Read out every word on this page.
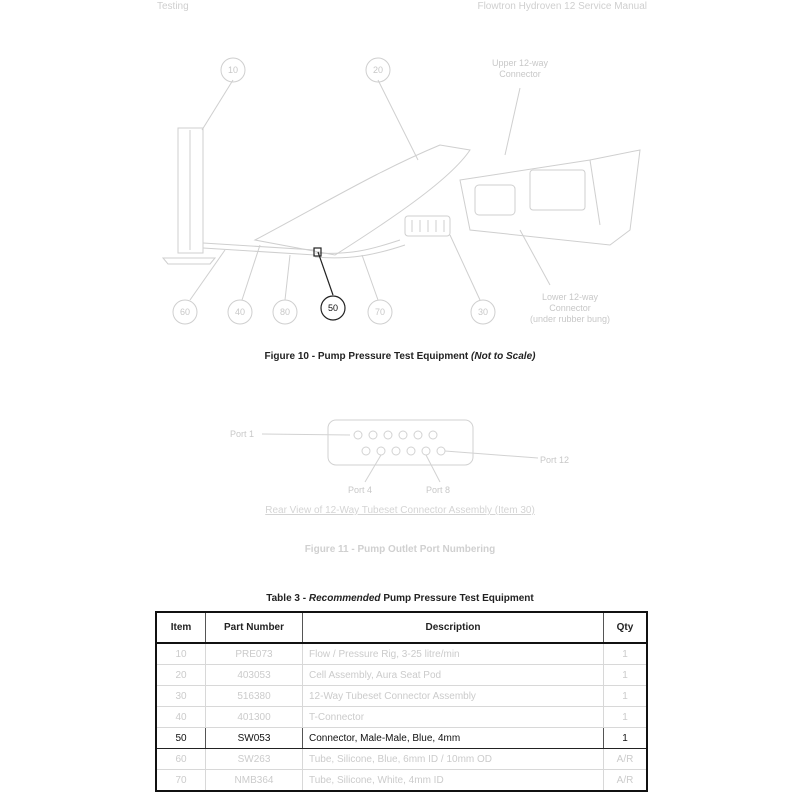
Testing	Flowtron Hydroven 12 Service Manual
10	20
30
40
60	70
80
Upper 12-way
Connector
Lower 12-way
Connector
(under rubber bung)
50
Figure 10 - Pump Pressure Test Equipment (Not to Scale)
Port 1
Port 12
Port 4	Port 8
Rear View of 12-Way Tubeset Connector Assembly (Item 30)
Figure 11 - Pump Outlet Port Numbering
Table 3 - Recommended Pump Pressure Test Equipment
Item	Part Number	Description	Qty
10	PRE073	Flow / Pressure Rig, 3-25 litre/min	1
20	403053	Cell Assembly, Aura Seat Pod	1
30	516380	12-Way Tubeset Connector Assembly	1
40	401300	T-Connector	1
50	SW053	Connector, Male-Male, Blue, 4mm	1
60	SW263	Tube, Silicone, Blue, 6mm ID / 10mm OD	A/R
70	NMB364	Tube, Silicone, White, 4mm ID	A/R
